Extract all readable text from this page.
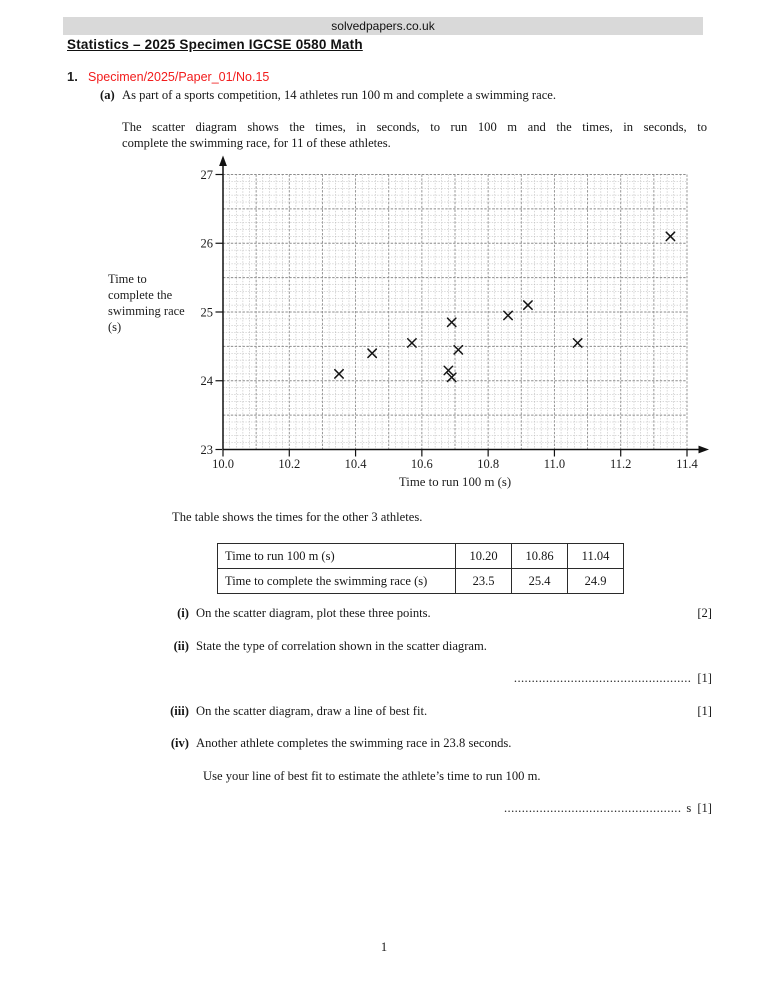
23
24
25
26
27
10.0	10.2	10.4	10.6	10.8	11.0	11.2	11.4
Time to run 100 m (s)
solvedpapers.co.uk
Statistics – 2025 Specimen IGCSE 0580 Math
1. Specimen/2025/Paper_01/No.15
(a) As part of a sports competition, 14 athletes run 100 m and complete a swimming race.
The scatter diagram shows the times, in seconds, to run 100 m and the times, in seconds, to
complete the swimming race, for 11 of these athletes.
Time to
complete the
swimming race
(s)
The table shows the times for the other 3 athletes.
Time to run 100 m (s)	10.20	10.86	11.04
Time to complete the swimming race (s)	23.5	25.4	24.9
(i) On the scatter diagram, plot these three points.	[2]
(ii) State the type of correlation shown in the scatter diagram.
.................................................. [1]
(iii) On the scatter diagram, draw a line of best fit.	[1]
(iv) Another athlete completes the swimming race in 23.8 seconds.
Use your line of best fit to estimate the athlete’s time to run 100 m.
.................................................. s [1]
1
